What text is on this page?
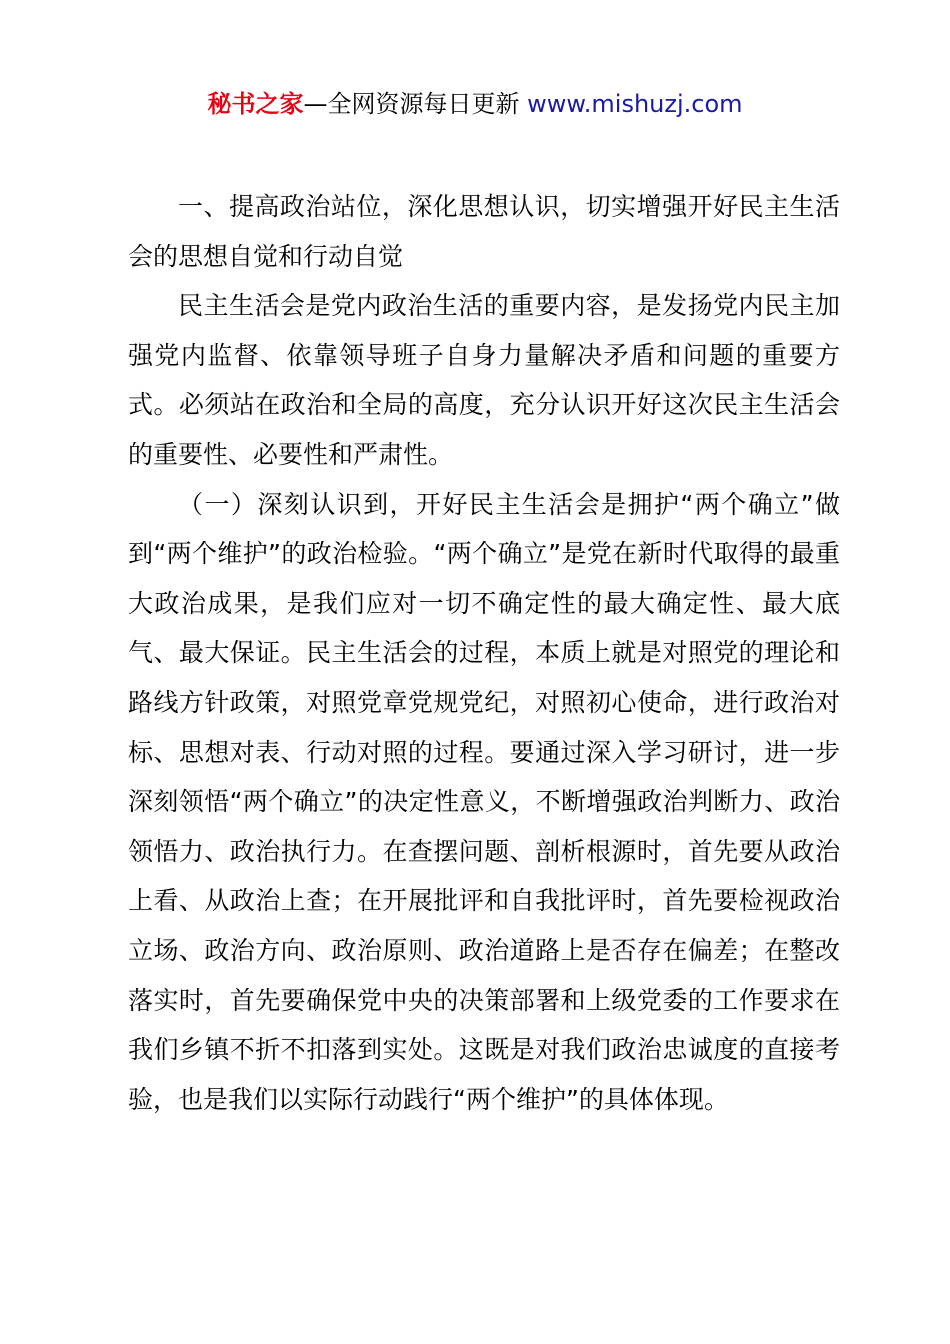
秘书之家—全网资源每日更新 www.mishuzj.com

一、提高政治站位，深化思想认识，切实增强开好民主生活会的思想自觉和行动自觉

民主生活会是党内政治生活的重要内容，是发扬党内民主加强党内监督、依靠领导班子自身力量解决矛盾和问题的重要方式。必须站在政治和全局的高度，充分认识开好这次民主生活会的重要性、必要性和严肃性。

（一）深刻认识到，开好民主生活会是拥护“两个确立”做到“两个维护”的政治检验。“两个确立”是党在新时代取得的最重大政治成果，是我们应对一切不确定性的最大确定性、最大底气、最大保证。民主生活会的过程，本质上就是对照党的理论和路线方针政策，对照党章党规党纪，对照初心使命，进行政治对标、思想对表、行动对照的过程。要通过深入学习研讨，进一步深刻领悟“两个确立”的决定性意义，不断增强政治判断力、政治领悟力、政治执行力。在查摆问题、剖析根源时，首先要从政治上看、从政治上查；在开展批评和自我批评时，首先要检视政治立场、政治方向、政治原则、政治道路上是否存在偏差；在整改落实时，首先要确保党中央的决策部署和上级党委的工作要求在我们乡镇不折不扣落到实处。这既是对我们政治忠诚度的直接考验，也是我们以实际行动践行“两个维护”的具体体现。
